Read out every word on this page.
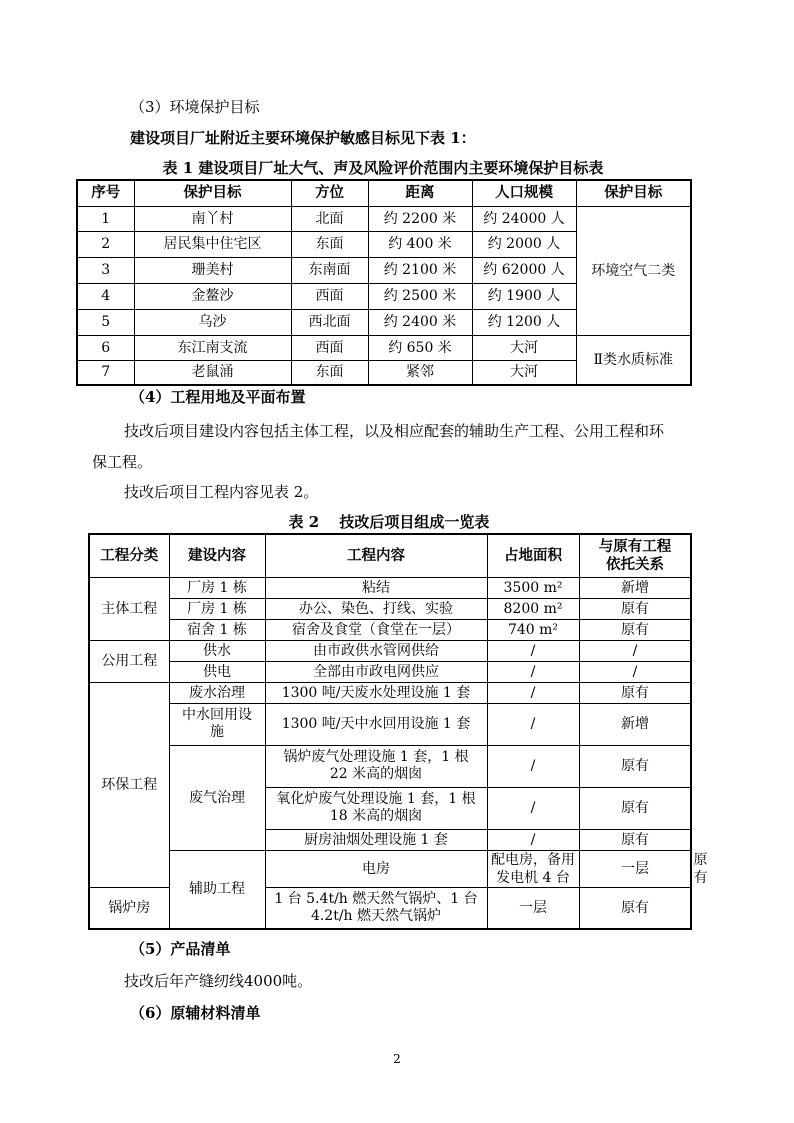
（3）环境保护目标
建设项目厂址附近主要环境保护敏感目标见下表 1：
表 1 建设项目厂址大气、声及风险评价范围内主要环境保护目标表
序号	保护目标	方位	距离	人口规模	保护目标
1	南丫村	北面	约 2200 米	约 24000 人	环境空气二类
2	居民集中住宅区	东面	约 400 米	约 2000 人	
3	珊美村	东南面	约 2100 米	约 62000 人	
4	金鳌沙	西面	约 2500 米	约 1900 人	
5	乌沙	西北面	约 2400 米	约 1200 人	
6	东江南支流	西面	约 650 米	大河	Ⅱ类水质标准
7	老鼠涌	东面	紧邻	大河	
（4）工程用地及平面布置
技改后项目建设内容包括主体工程，以及相应配套的辅助生产工程、公用工程和环
保工程。
技改后项目工程内容见表 2。
表 2　 技改后项目组成一览表
工程分类	建设内容	工程内容	占地面积	与原有工程依托关系	
主体工程	厂房 1 栋	粘结	3500 m²	新增	
	厂房 1 栋	办公、染色、打线、实验	8200 m²	原有	
	宿舍 1 栋	宿舍及食堂（食堂在一层）	740 m²	原有	
公用工程	供水	由市政供水管网供给	/	/	
	供电	全部由市政电网供应	/	/	
环保工程	废水治理	1300 吨/天废水处理设施 1 套	/	原有	
	中水回用设施	1300 吨/天中水回用设施 1 套	/	新增	
	废气治理	锅炉废气处理设施 1 套，1 根 22 米高的烟囱	/	原有	
		氧化炉废气处理设施 1 套，1 根 18 米高的烟囱	/	原有	
		厨房油烟处理设施 1 套	/	原有	
	辅助工程	电房	配电房，备用发电机 4 台	一层	原有
锅炉房		1 台 5.4t/h 燃天然气锅炉、1 台 4.2t/h 燃天然气锅炉	一层	原有	
（5）产品清单
技改后年产缝纫线4000吨。
（6）原辅材料清单
2
